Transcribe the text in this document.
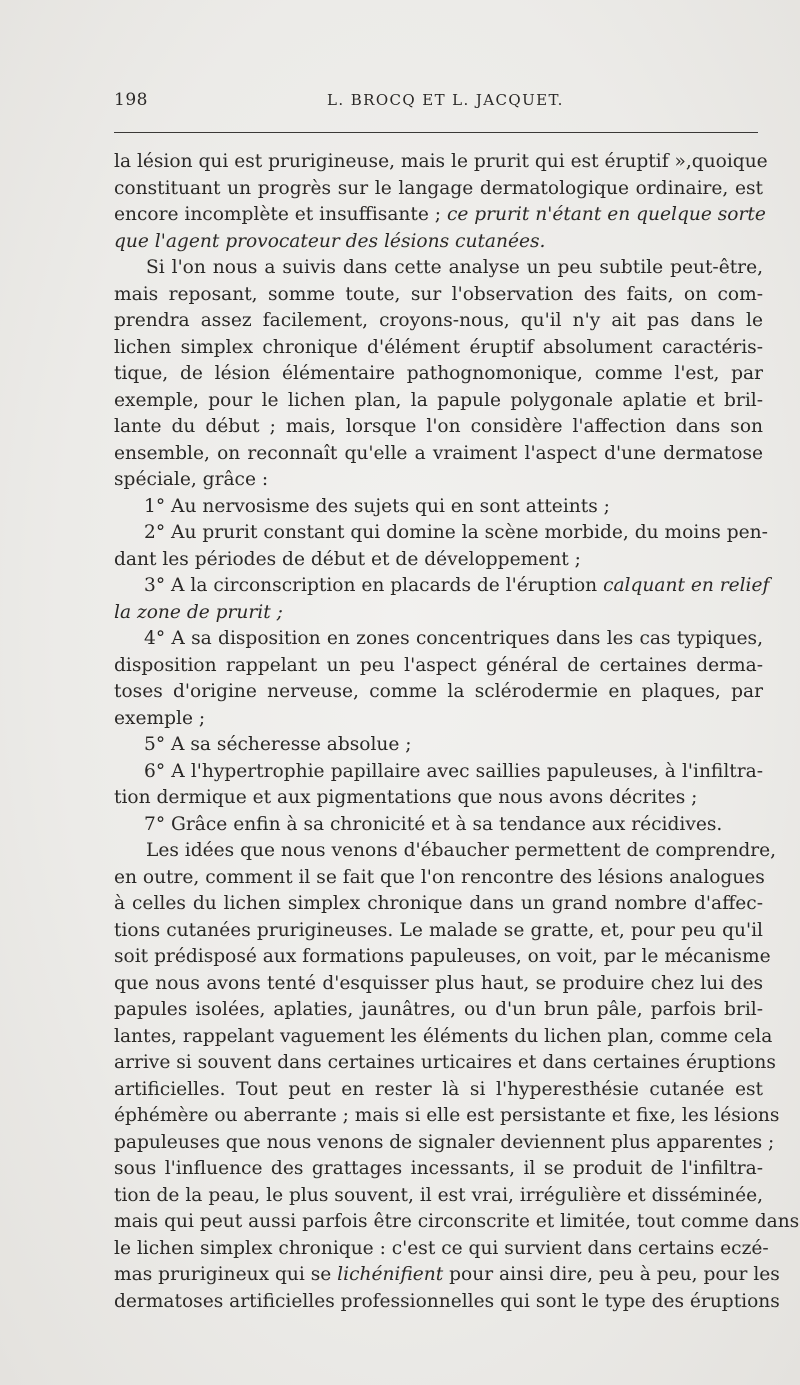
198	L. BROCQ ET L. JACQUET.
la lésion qui est prurigineuse, mais le prurit qui est éruptif »,quoique
constituant un progrès sur le langage dermatologique ordinaire, est
encore incomplète et insuffisante ; ce prurit n'étant en quelque sorte
que l'agent provocateur des lésions cutanées.
Si l'on nous a suivis dans cette analyse un peu subtile peut-être,
mais reposant, somme toute, sur l'observation des faits, on com-
prendra assez facilement, croyons-nous, qu'il n'y ait pas dans le
lichen simplex chronique d'élément éruptif absolument caractéris-
tique, de lésion élémentaire pathognomonique, comme l'est, par
exemple, pour le lichen plan, la papule polygonale aplatie et bril-
lante du début ; mais, lorsque l'on considère l'affection dans son
ensemble, on reconnaît qu'elle a vraiment l'aspect d'une dermatose
spéciale, grâce :
1° Au nervosisme des sujets qui en sont atteints ;
2° Au prurit constant qui domine la scène morbide, du moins pen-
dant les périodes de début et de développement ;
3° A la circonscription en placards de l'éruption calquant en relief
la zone de prurit ;
4° A sa disposition en zones concentriques dans les cas typiques,
disposition rappelant un peu l'aspect général de certaines derma-
toses d'origine nerveuse, comme la sclérodermie en plaques, par
exemple ;
5° A sa sécheresse absolue ;
6° A l'hypertrophie papillaire avec saillies papuleuses, à l'infiltra-
tion dermique et aux pigmentations que nous avons décrites ;
7° Grâce enfin à sa chronicité et à sa tendance aux récidives.
Les idées que nous venons d'ébaucher permettent de comprendre,
en outre, comment il se fait que l'on rencontre des lésions analogues
à celles du lichen simplex chronique dans un grand nombre d'affec-
tions cutanées prurigineuses. Le malade se gratte, et, pour peu qu'il
soit prédisposé aux formations papuleuses, on voit, par le mécanisme
que nous avons tenté d'esquisser plus haut, se produire chez lui des
papules isolées, aplaties, jaunâtres, ou d'un brun pâle, parfois bril-
lantes, rappelant vaguement les éléments du lichen plan, comme cela
arrive si souvent dans certaines urticaires et dans certaines éruptions
artificielles. Tout peut en rester là si l'hyperesthésie cutanée est
éphémère ou aberrante ; mais si elle est persistante et fixe, les lésions
papuleuses que nous venons de signaler deviennent plus apparentes ;
sous l'influence des grattages incessants, il se produit de l'infiltra-
tion de la peau, le plus souvent, il est vrai, irrégulière et disséminée,
mais qui peut aussi parfois être circonscrite et limitée, tout comme dans
le lichen simplex chronique : c'est ce qui survient dans certains eczé-
mas prurigineux qui se lichénifient pour ainsi dire, peu à peu, pour les
dermatoses artificielles professionnelles qui sont le type des éruptions
